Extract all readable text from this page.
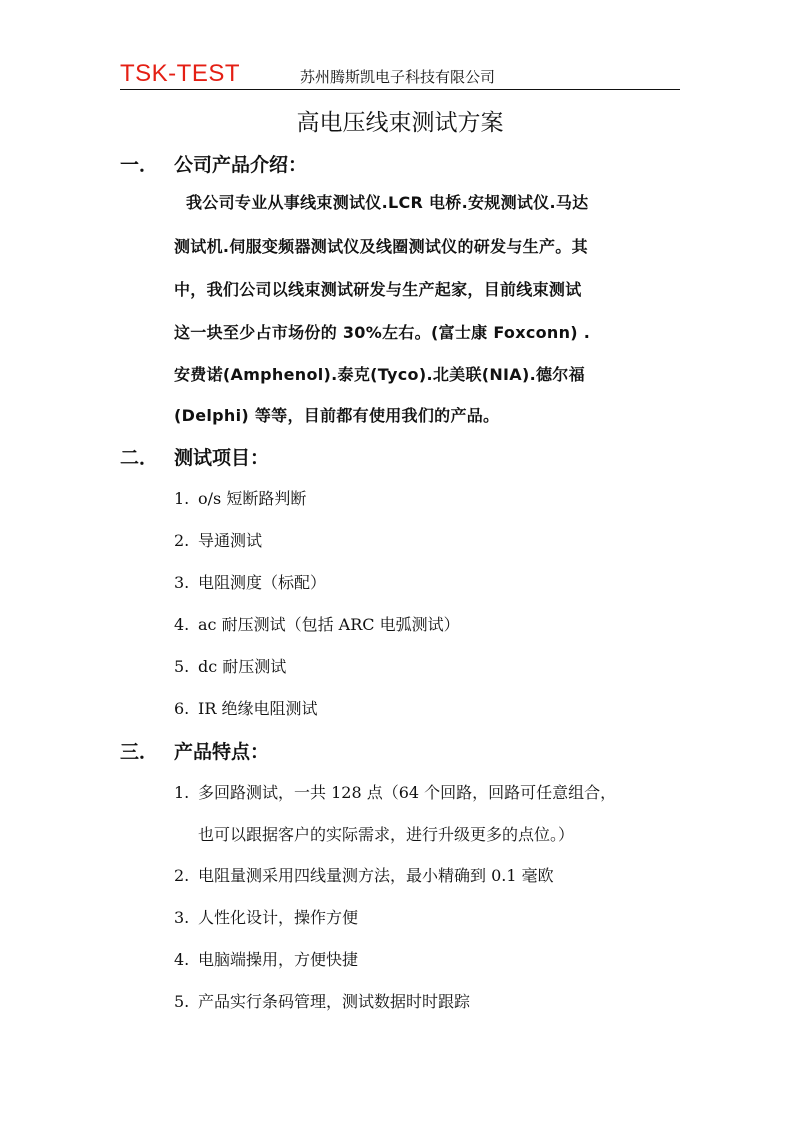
TSK-TEST	苏州腾斯凯电子科技有限公司
高电压线束测试方案
一． 公司产品介绍：
我公司专业从事线束测试仪.LCR 电桥.安规测试仪.马达
测试机.伺服变频器测试仪及线圈测试仪的研发与生产。其
中，我们公司以线束测试研发与生产起家，目前线束测试
这一块至少占市场份的 30%左右。(富士康 Foxconn) .
安费诺(Amphenol).泰克(Tyco).北美联(NIA).德尔福
(Delphi) 等等，目前都有使用我们的产品。
二． 测试项目：
1. o/s 短断路判断
2. 导通测试
3. 电阻测度（标配）
4. ac 耐压测试（包括 ARC 电弧测试）
5. dc 耐压测试
6. IR 绝缘电阻测试
三． 产品特点：
1. 多回路测试，一共 128 点（64 个回路，回路可任意组合，
也可以跟据客户的实际需求，进行升级更多的点位。）
2. 电阻量测采用四线量测方法，最小精确到 0.1 毫欧
3. 人性化设计，操作方便
4. 电脑端操用，方便快捷
5. 产品实行条码管理，测试数据时时跟踪
